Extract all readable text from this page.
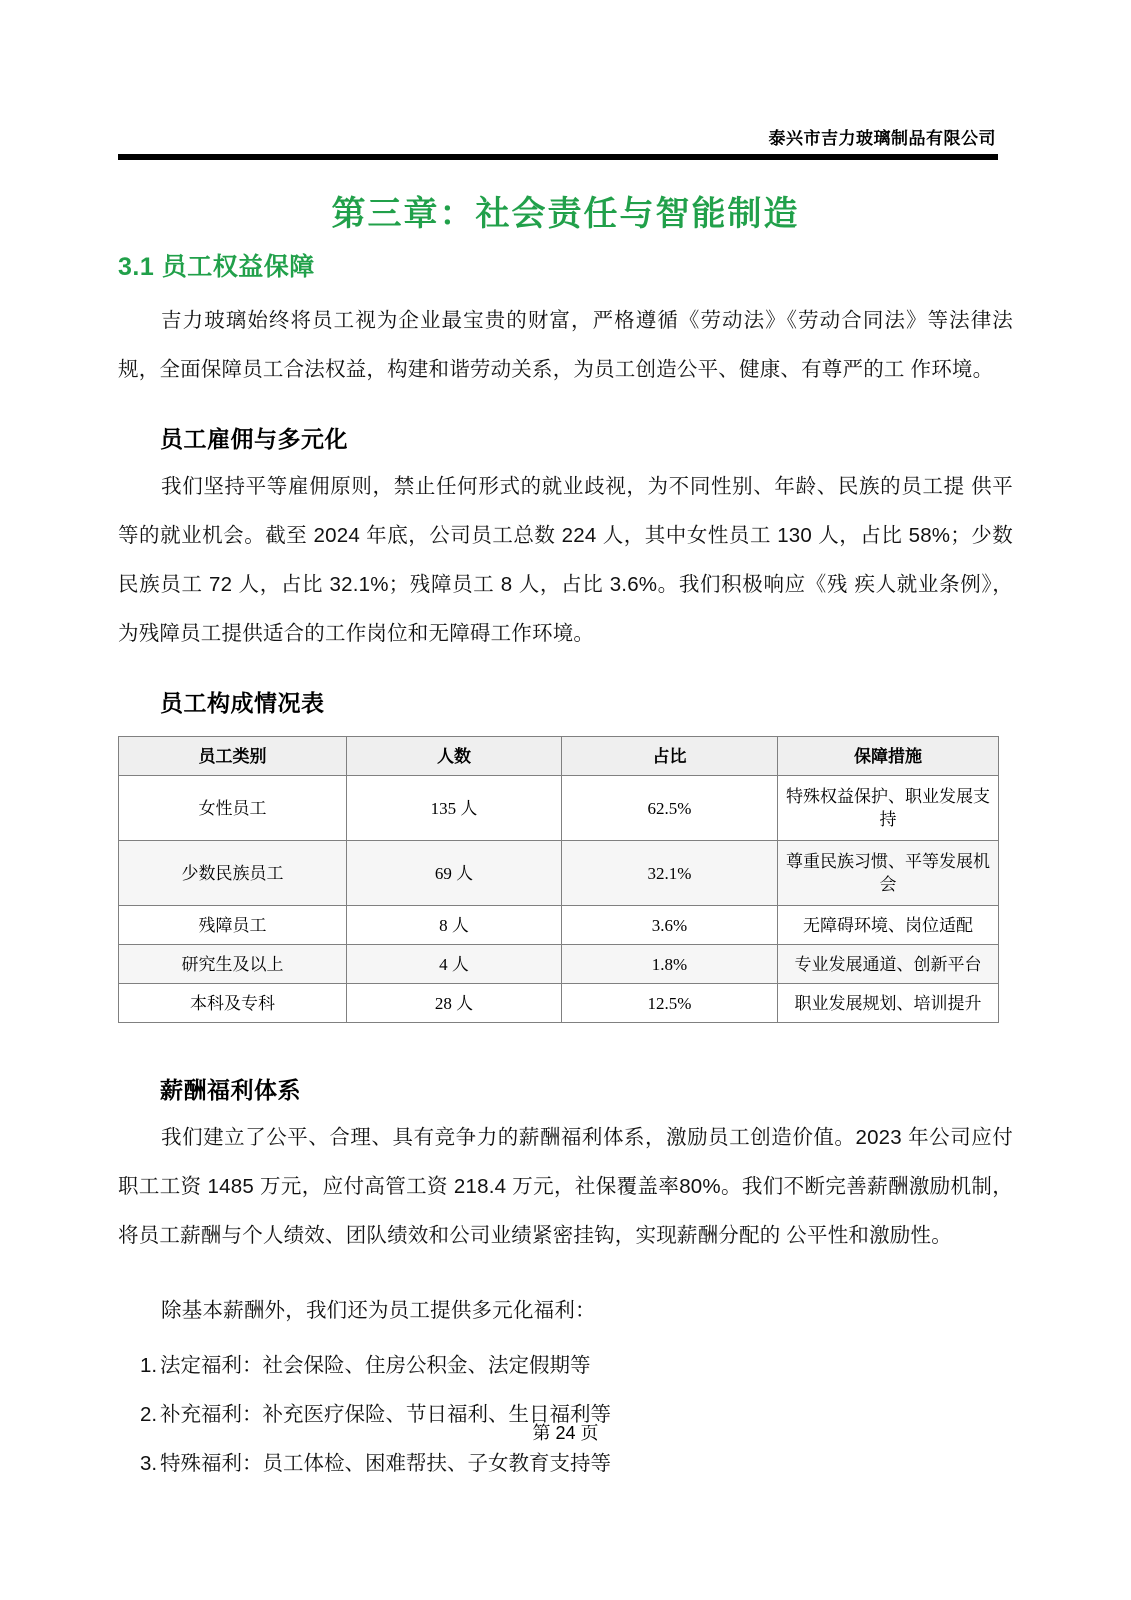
泰兴市吉力玻璃制品有限公司
第三章：社会责任与智能制造
3.1 员工权益保障

吉力玻璃始终将员工视为企业最宝贵的财富，严格遵循《劳动法》《劳动合同法》等法律法规，全面保障员工合法权益，构建和谐劳动关系，为员工创造公平、健康、有尊严的工 作环境。

员工雇佣与多元化

我们坚持平等雇佣原则，禁止任何形式的就业歧视，为不同性别、年龄、民族的员工提 供平等的就业机会。截至 2024 年底，公司员工总数 224 人，其中女性员工 130 人，占比 58%；少数民族员工 72 人，占比 32.1%；残障员工 8 人，占比 3.6%。我们积极响应《残 疾人就业条例》，为残障员工提供适合的工作岗位和无障碍工作环境。

员工构成情况表
员工类别	人数	占比	保障措施
女性员工	135 人	62.5%	特殊权益保护、职业发展支持
少数民族员工	69 人	32.1%	尊重民族习惯、平等发展机会
残障员工	8 人	3.6%	无障碍环境、岗位适配
研究生及以上	4 人	1.8%	专业发展通道、创新平台
本科及专科	28 人	12.5%	职业发展规划、培训提升
薪酬福利体系

我们建立了公平、合理、具有竞争力的薪酬福利体系，激励员工创造价值。2023 年公司应付职工工资 1485 万元，应付高管工资 218.4 万元，社保覆盖率80%。我们不断完善薪酬激励机制，将员工薪酬与个人绩效、团队绩效和公司业绩紧密挂钩，实现薪酬分配的 公平性和激励性。

除基本薪酬外，我们还为员工提供多元化福利：

法定福利：社会保险、住房公积金、法定假期等
补充福利：补充医疗保险、节日福利、生日福利等
特殊福利：员工体检、困难帮扶、子女教育支持等
第 24 页
